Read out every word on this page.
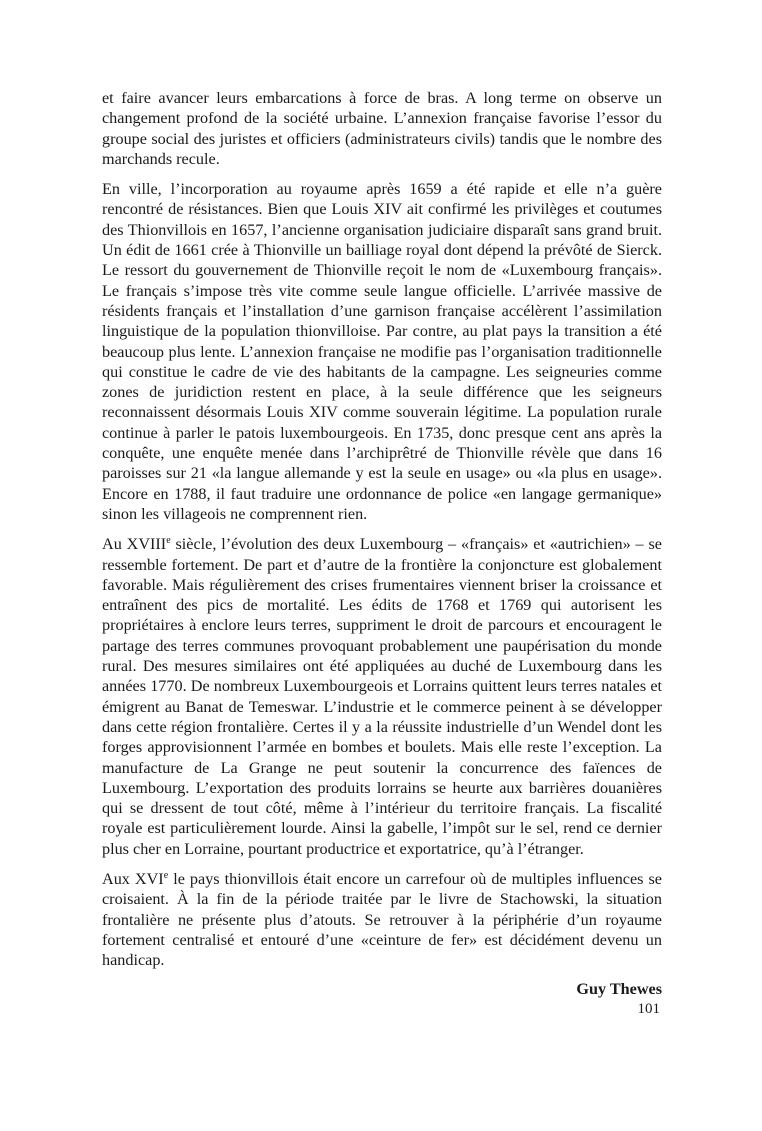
et faire avancer leurs embarcations à force de bras. A long terme on observe un changement profond de la société urbaine. L’annexion française favorise l’essor du groupe social des juristes et officiers (administrateurs civils) tandis que le nombre des marchands recule.

En ville, l’incorporation au royaume après 1659 a été rapide et elle n’a guère rencontré de résistances. Bien que Louis XIV ait confirmé les privilèges et coutumes des Thionvillois en 1657, l’ancienne organisation judiciaire disparaît sans grand bruit. Un édit de 1661 crée à Thionville un bailliage royal dont dépend la prévôté de Sierck. Le ressort du gouvernement de Thionville reçoit le nom de «Luxembourg français». Le français s’impose très vite comme seule langue officielle. L’arrivée massive de résidents français et l’installation d’une garnison française accélèrent l’assimilation linguistique de la population thionvilloise. Par contre, au plat pays la transition a été beaucoup plus lente. L’annexion française ne modifie pas l’organisation traditionnelle qui constitue le cadre de vie des habitants de la campagne. Les seigneuries comme zones de juridiction restent en place, à la seule différence que les seigneurs reconnaissent désormais Louis XIV comme souverain légitime. La population rurale continue à parler le patois luxembourgeois. En 1735, donc presque cent ans après la conquête, une enquête menée dans l’archiprêtré de Thionville révèle que dans 16 paroisses sur 21 «la langue allemande y est la seule en usage» ou «la plus en usage». Encore en 1788, il faut traduire une ordonnance de police «en langage germanique» sinon les villageois ne comprennent rien.

Au XVIIIe siècle, l’évolution des deux Luxembourg – «français» et «autrichien» – se ressemble fortement. De part et d’autre de la frontière la conjoncture est globalement favorable. Mais régulièrement des crises frumentaires viennent briser la croissance et entraînent des pics de mortalité. Les édits de 1768 et 1769 qui autorisent les propriétaires à enclore leurs terres, suppriment le droit de parcours et encouragent le partage des terres communes provoquant probablement une paupérisation du monde rural. Des mesures similaires ont été appliquées au duché de Luxembourg dans les années 1770. De nombreux Luxembourgeois et Lorrains quittent leurs terres natales et émigrent au Banat de Temeswar. L’industrie et le commerce peinent à se développer dans cette région frontalière. Certes il y a la réussite industrielle d’un Wendel dont les forges approvisionnent l’armée en bombes et boulets. Mais elle reste l’exception. La manufacture de La Grange ne peut soutenir la concurrence des faïences de Luxembourg. L’exportation des produits lorrains se heurte aux barrières douanières qui se dressent de tout côté, même à l’intérieur du territoire français. La fiscalité royale est particulièrement lourde. Ainsi la gabelle, l’impôt sur le sel, rend ce dernier plus cher en Lorraine, pourtant productrice et exportatrice, qu’à l’étranger.

Aux XVIe le pays thionvillois était encore un carrefour où de multiples influences se croisaient. À la fin de la période traitée par le livre de Stachowski, la situation frontalière ne présente plus d’atouts. Se retrouver à la périphérie d’un royaume fortement centralisé et entouré d’une «ceinture de fer» est décidément devenu un handicap.

Guy Thewes
101
